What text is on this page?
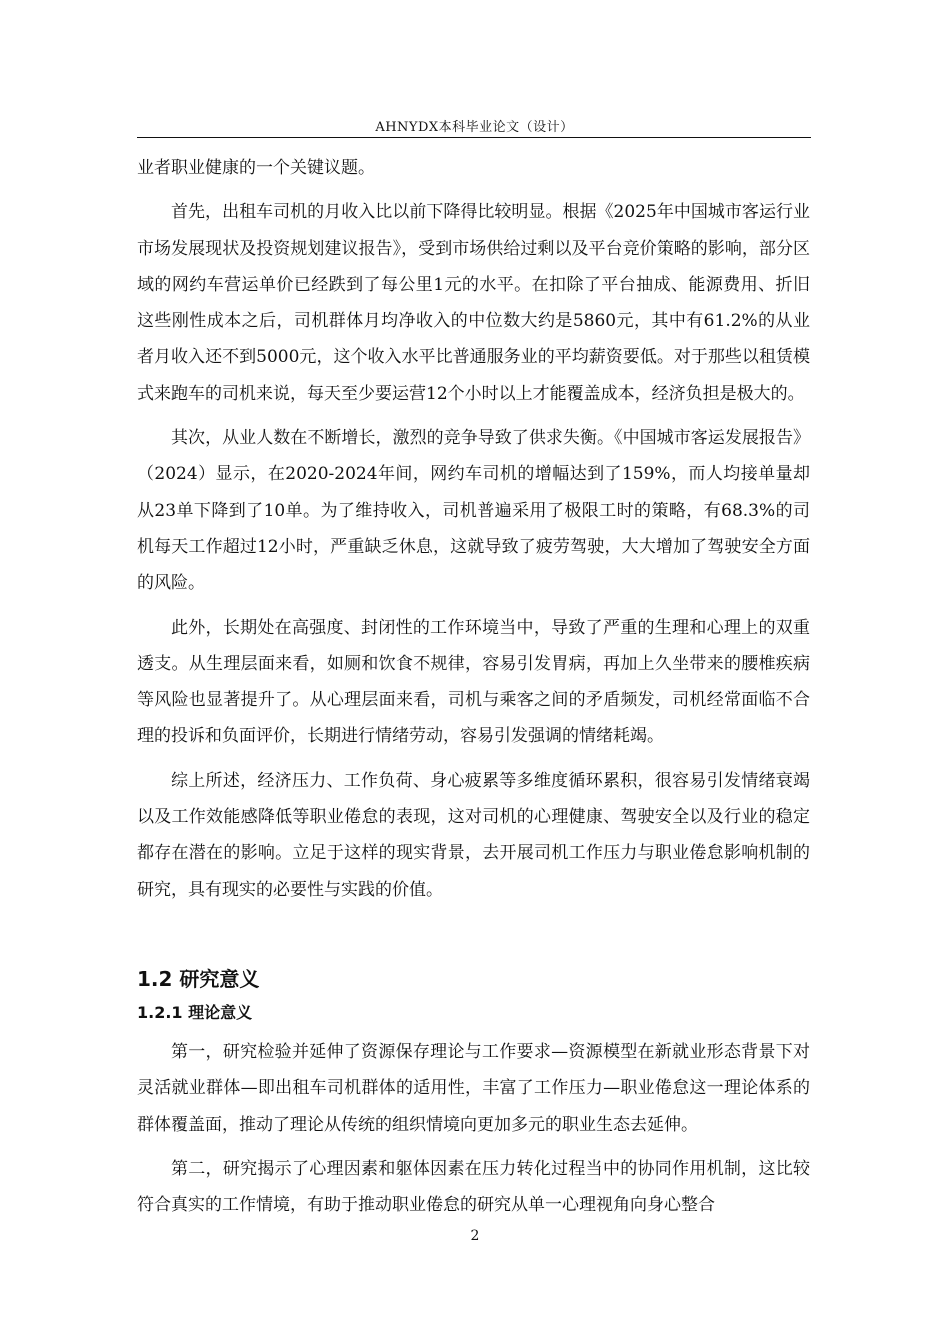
AHNYDX本科毕业论文（设计）

业者职业健康的一个关键议题。

首先，出租车司机的月收入比以前下降得比较明显。根据《2025年中国城市客运行业市场发展现状及投资规划建议报告》，受到市场供给过剩以及平台竞价策略的影响，部分区域的网约车营运单价已经跌到了每公里1元的水平。在扣除了平台抽成、能源费用、折旧这些刚性成本之后，司机群体月均净收入的中位数大约是5860元，其中有61.2%的从业者月收入还不到5000元，这个收入水平比普通服务业的平均薪资要低。对于那些以租赁模式来跑车的司机来说，每天至少要运营12个小时以上才能覆盖成本，经济负担是极大的。

其次，从业人数在不断增长，激烈的竞争导致了供求失衡。《中国城市客运发展报告》（2024）显示，在2020-2024年间，网约车司机的增幅达到了159%，而人均接单量却从23单下降到了10单。为了维持收入，司机普遍采用了极限工时的策略，有68.3%的司机每天工作超过12小时，严重缺乏休息，这就导致了疲劳驾驶，大大增加了驾驶安全方面的风险。

此外，长期处在高强度、封闭性的工作环境当中，导致了严重的生理和心理上的双重透支。从生理层面来看，如厕和饮食不规律，容易引发胃病，再加上久坐带来的腰椎疾病等风险也显著提升了。从心理层面来看，司机与乘客之间的矛盾频发，司机经常面临不合理的投诉和负面评价，长期进行情绪劳动，容易引发强调的情绪耗竭。

综上所述，经济压力、工作负荷、身心疲累等多维度循环累积，很容易引发情绪衰竭以及工作效能感降低等职业倦怠的表现，这对司机的心理健康、驾驶安全以及行业的稳定都存在潜在的影响。立足于这样的现实背景，去开展司机工作压力与职业倦怠影响机制的研究，具有现实的必要性与实践的价值。

1.2 研究意义
1.2.1 理论意义

第一，研究检验并延伸了资源保存理论与工作要求—资源模型在新就业形态背景下对灵活就业群体—即出租车司机群体的适用性，丰富了工作压力—职业倦怠这一理论体系的群体覆盖面，推动了理论从传统的组织情境向更加多元的职业生态去延伸。

第二，研究揭示了心理因素和躯体因素在压力转化过程当中的协同作用机制，这比较符合真实的工作情境，有助于推动职业倦怠的研究从单一心理视角向身心整合

2
